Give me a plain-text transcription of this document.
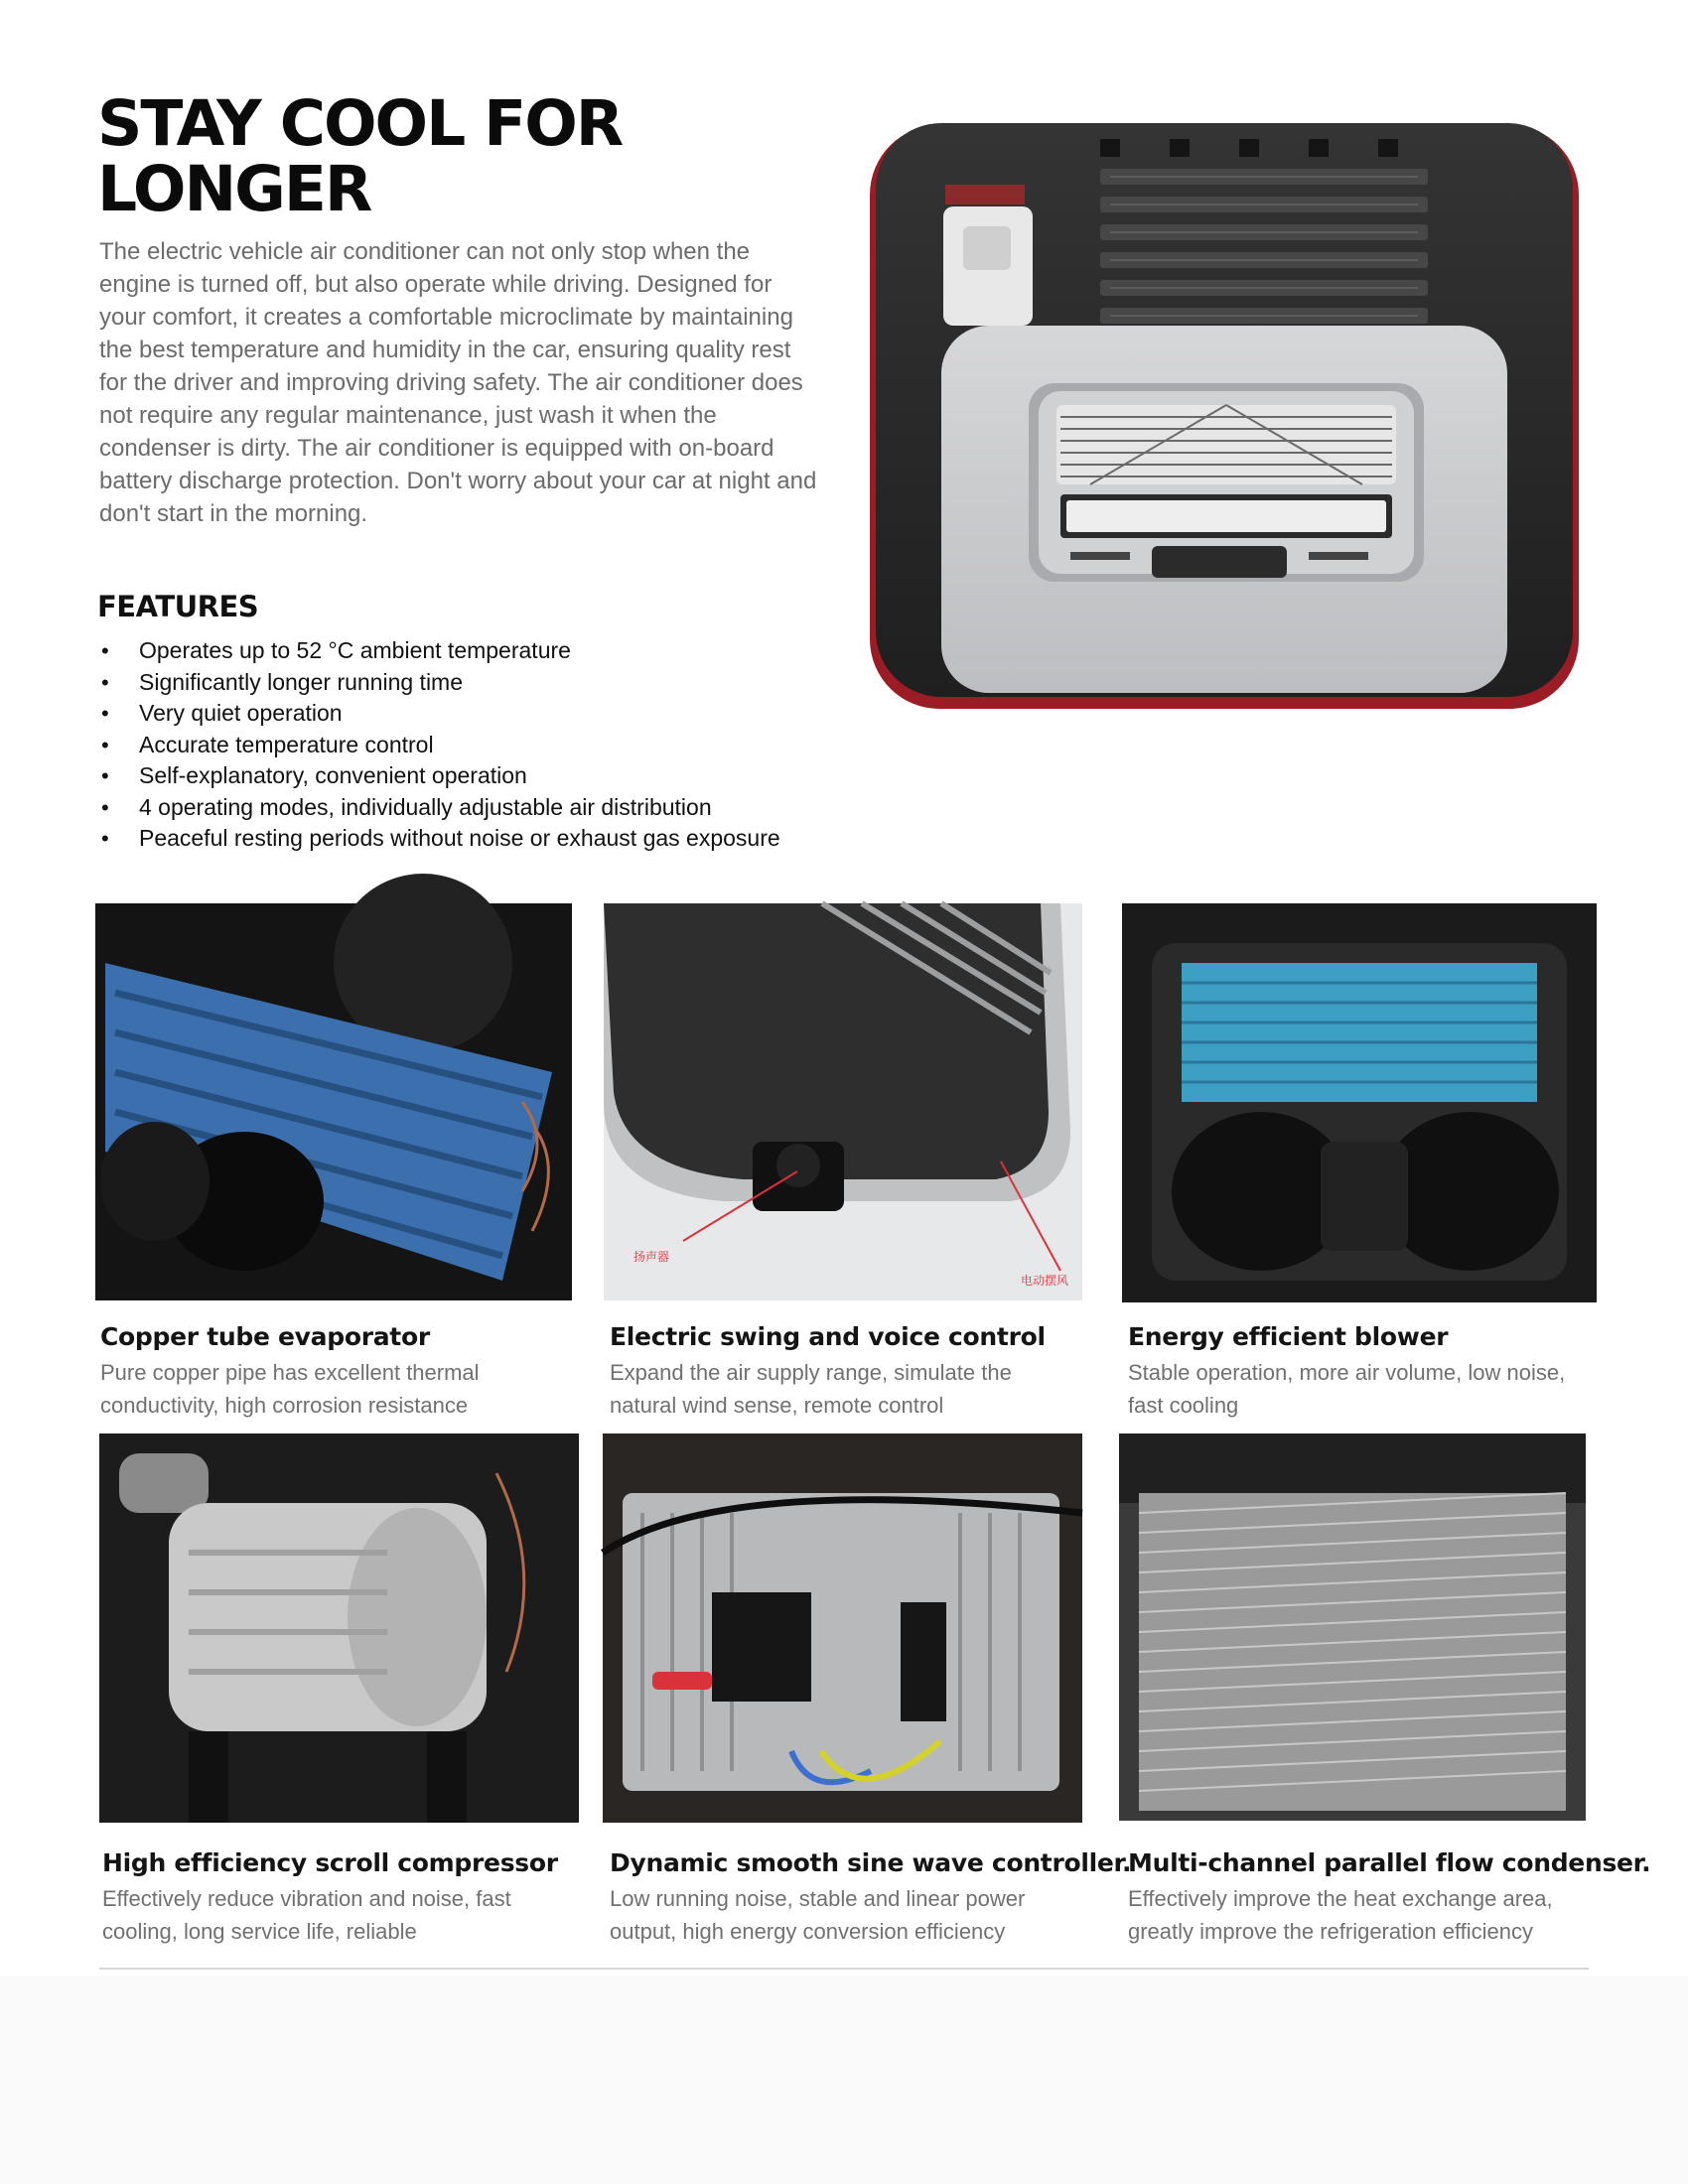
STAY COOL FOR
LONGER

The electric vehicle air conditioner can not only stop when the engine is turned off, but also operate while driving. Designed for your comfort, it creates a comfortable microclimate by maintaining the best temperature and humidity in the car, ensuring quality rest for the driver and improving driving safety. The air conditioner does not require any regular maintenance, just wash it when the condenser is dirty. The air conditioner is equipped with on-board battery discharge protection. Don't worry about your car at night and don't start in the morning.

FEATURES
• Operates up to 52 °C ambient temperature
• Significantly longer running time
• Very quiet operation
• Accurate temperature control
• Self-explanatory, convenient operation
• 4 operating modes, individually adjustable air distribution
• Peaceful resting periods without noise or exhaust gas exposure
扬声器
电动摆风
Copper tube evaporator

Pure copper pipe has excellent thermal conductivity, high corrosion resistance

Electric swing and voice control

Expand the air supply range, simulate the natural wind sense, remote control

Energy efficient blower

Stable operation, more air volume, low noise, fast cooling

High efficiency scroll compressor

Effectively reduce vibration and noise, fast cooling, long service life, reliable

Dynamic smooth sine wave controller.

Low running noise, stable and linear power output, high energy conversion efficiency

Multi-channel parallel flow condenser.

Effectively improve the heat exchange area, greatly improve the refrigeration efficiency
